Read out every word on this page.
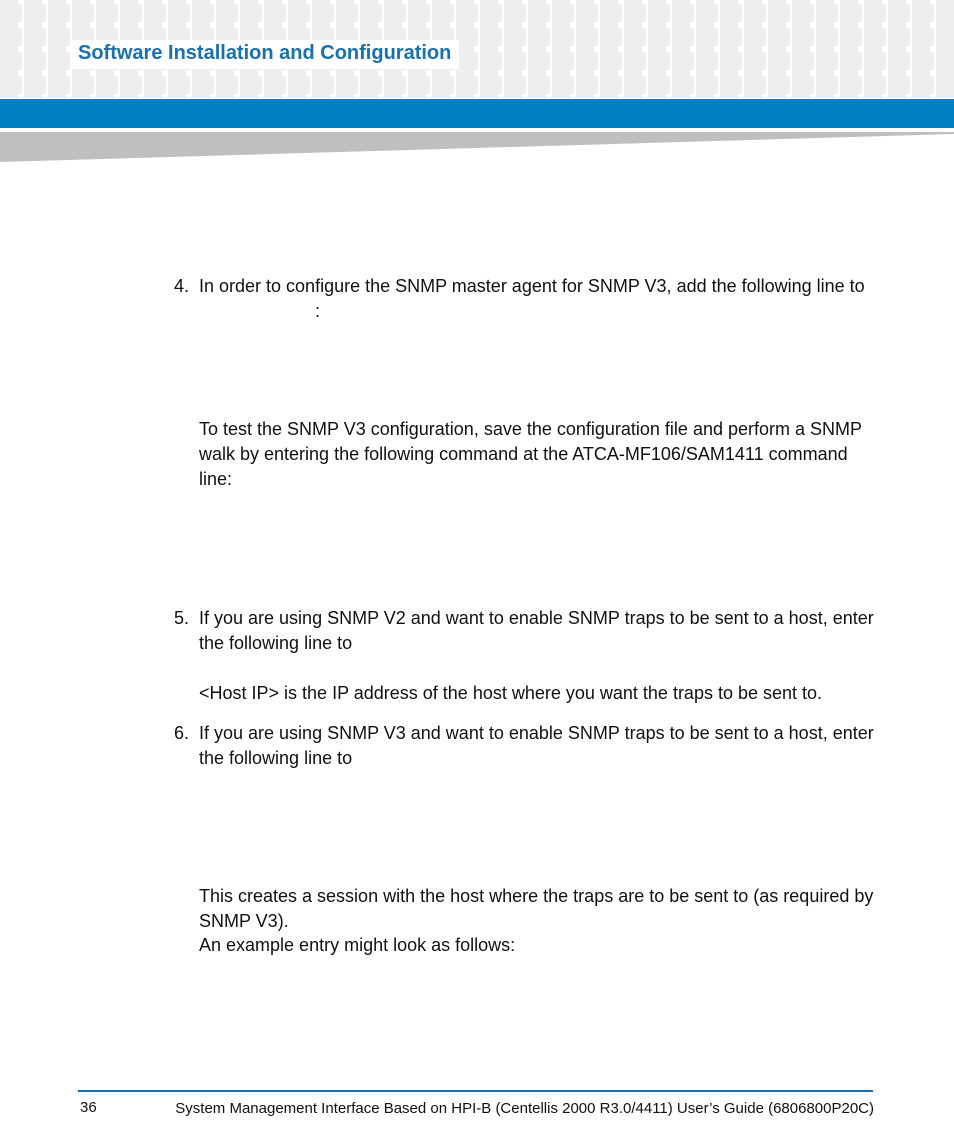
Software Installation and Configuration
4. In order to configure the SNMP master agent for SNMP V3, add the following line to
:
To test the SNMP V3 configuration, save the configuration file and perform a SNMP walk by entering the following command at the ATCA-MF106/SAM1411 command line:
5. If you are using SNMP V2 and want to enable SNMP traps to be sent to a host, enter the following line to
<Host IP> is the IP address of the host where you want the traps to be sent to.
6. If you are using SNMP V3 and want to enable SNMP traps to be sent to a host, enter the following line to
This creates a session with the host where the traps are to be sent to (as required by SNMP V3).
An example entry might look as follows:
36	System Management Interface Based on HPI-B (Centellis 2000 R3.0/4411) User’s Guide (6806800P20C)
